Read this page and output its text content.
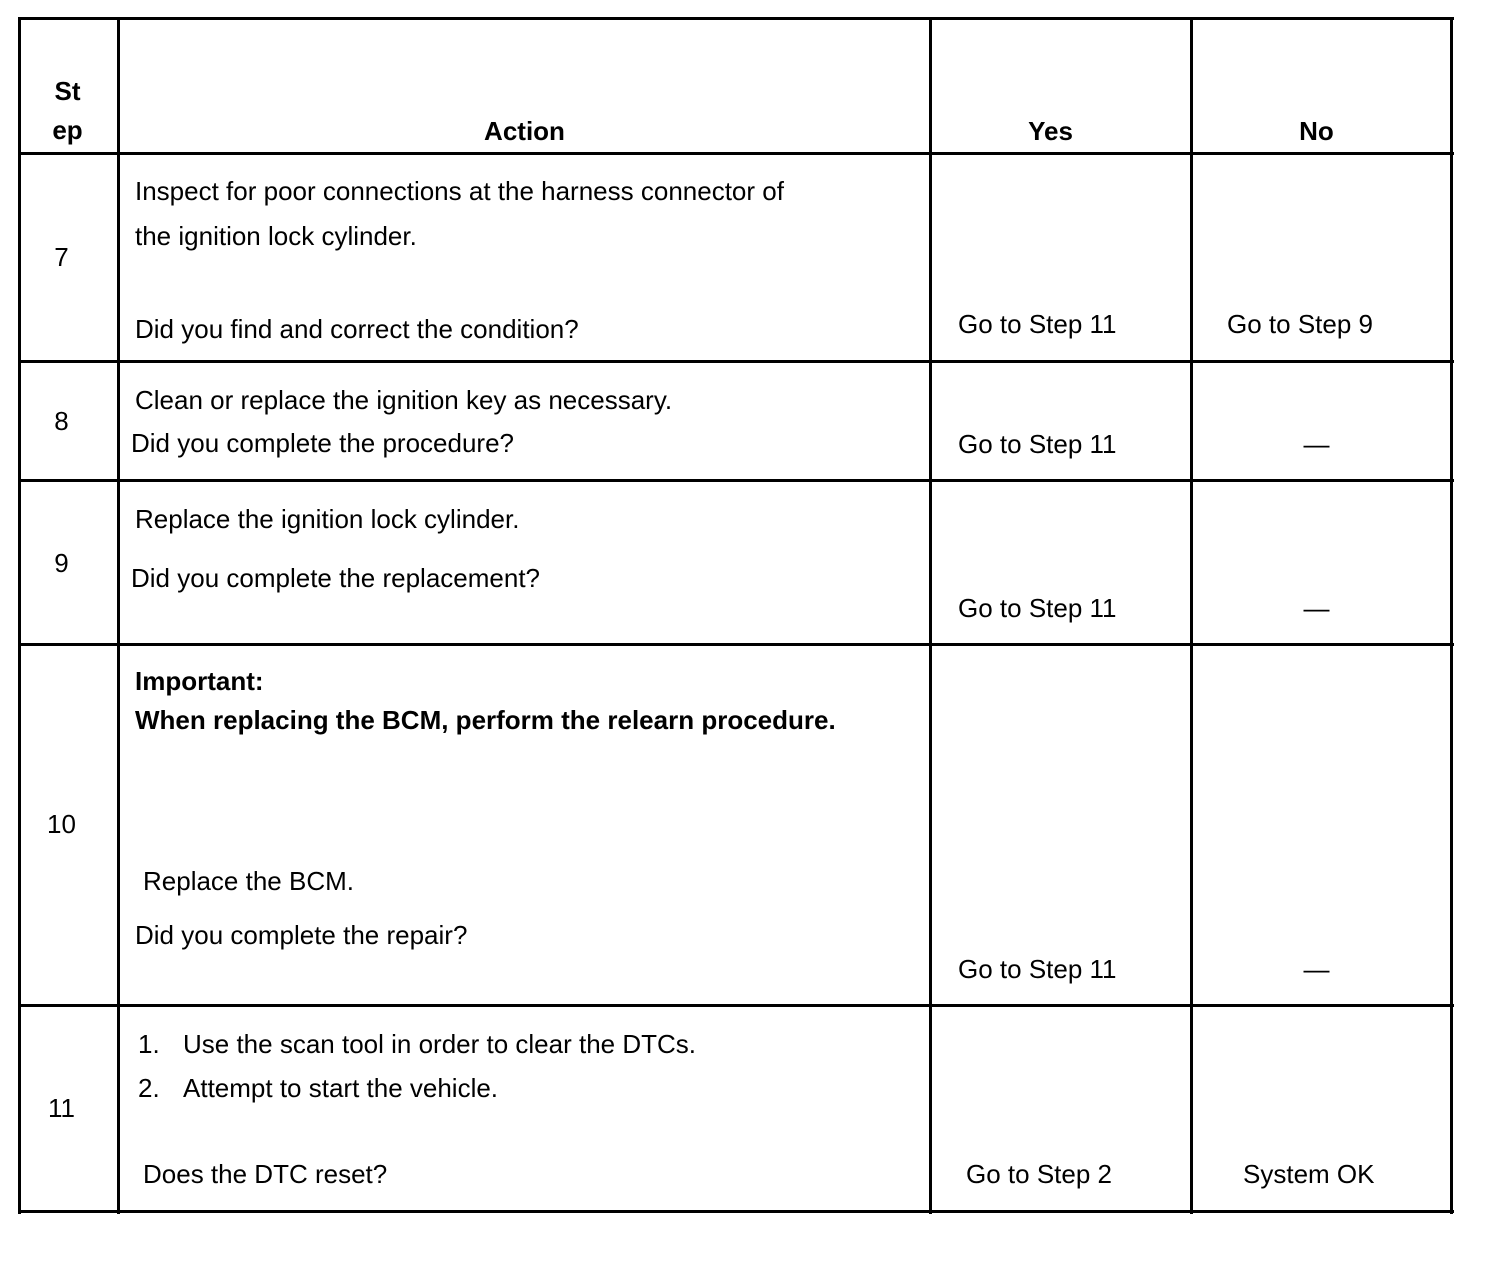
St
ep	Action	Yes	No
7
Inspect for poor connections at the harness connector of
the ignition lock cylinder.
Did you find and correct the condition?	Go to Step 11	Go to Step 9
8
Clean or replace the ignition key as necessary.
Did you complete the procedure?	Go to Step 11	—
9
Replace the ignition lock cylinder.
Did you complete the replacement?
Go to Step 11	—
10
Important:
When replacing the BCM, perform the relearn procedure.
Replace the BCM.
Did you complete the repair?
Go to Step 11	—
11
1. Use the scan tool in order to clear the DTCs.
2. Attempt to start the vehicle.
Does the DTC reset?	Go to Step 2	System OK
